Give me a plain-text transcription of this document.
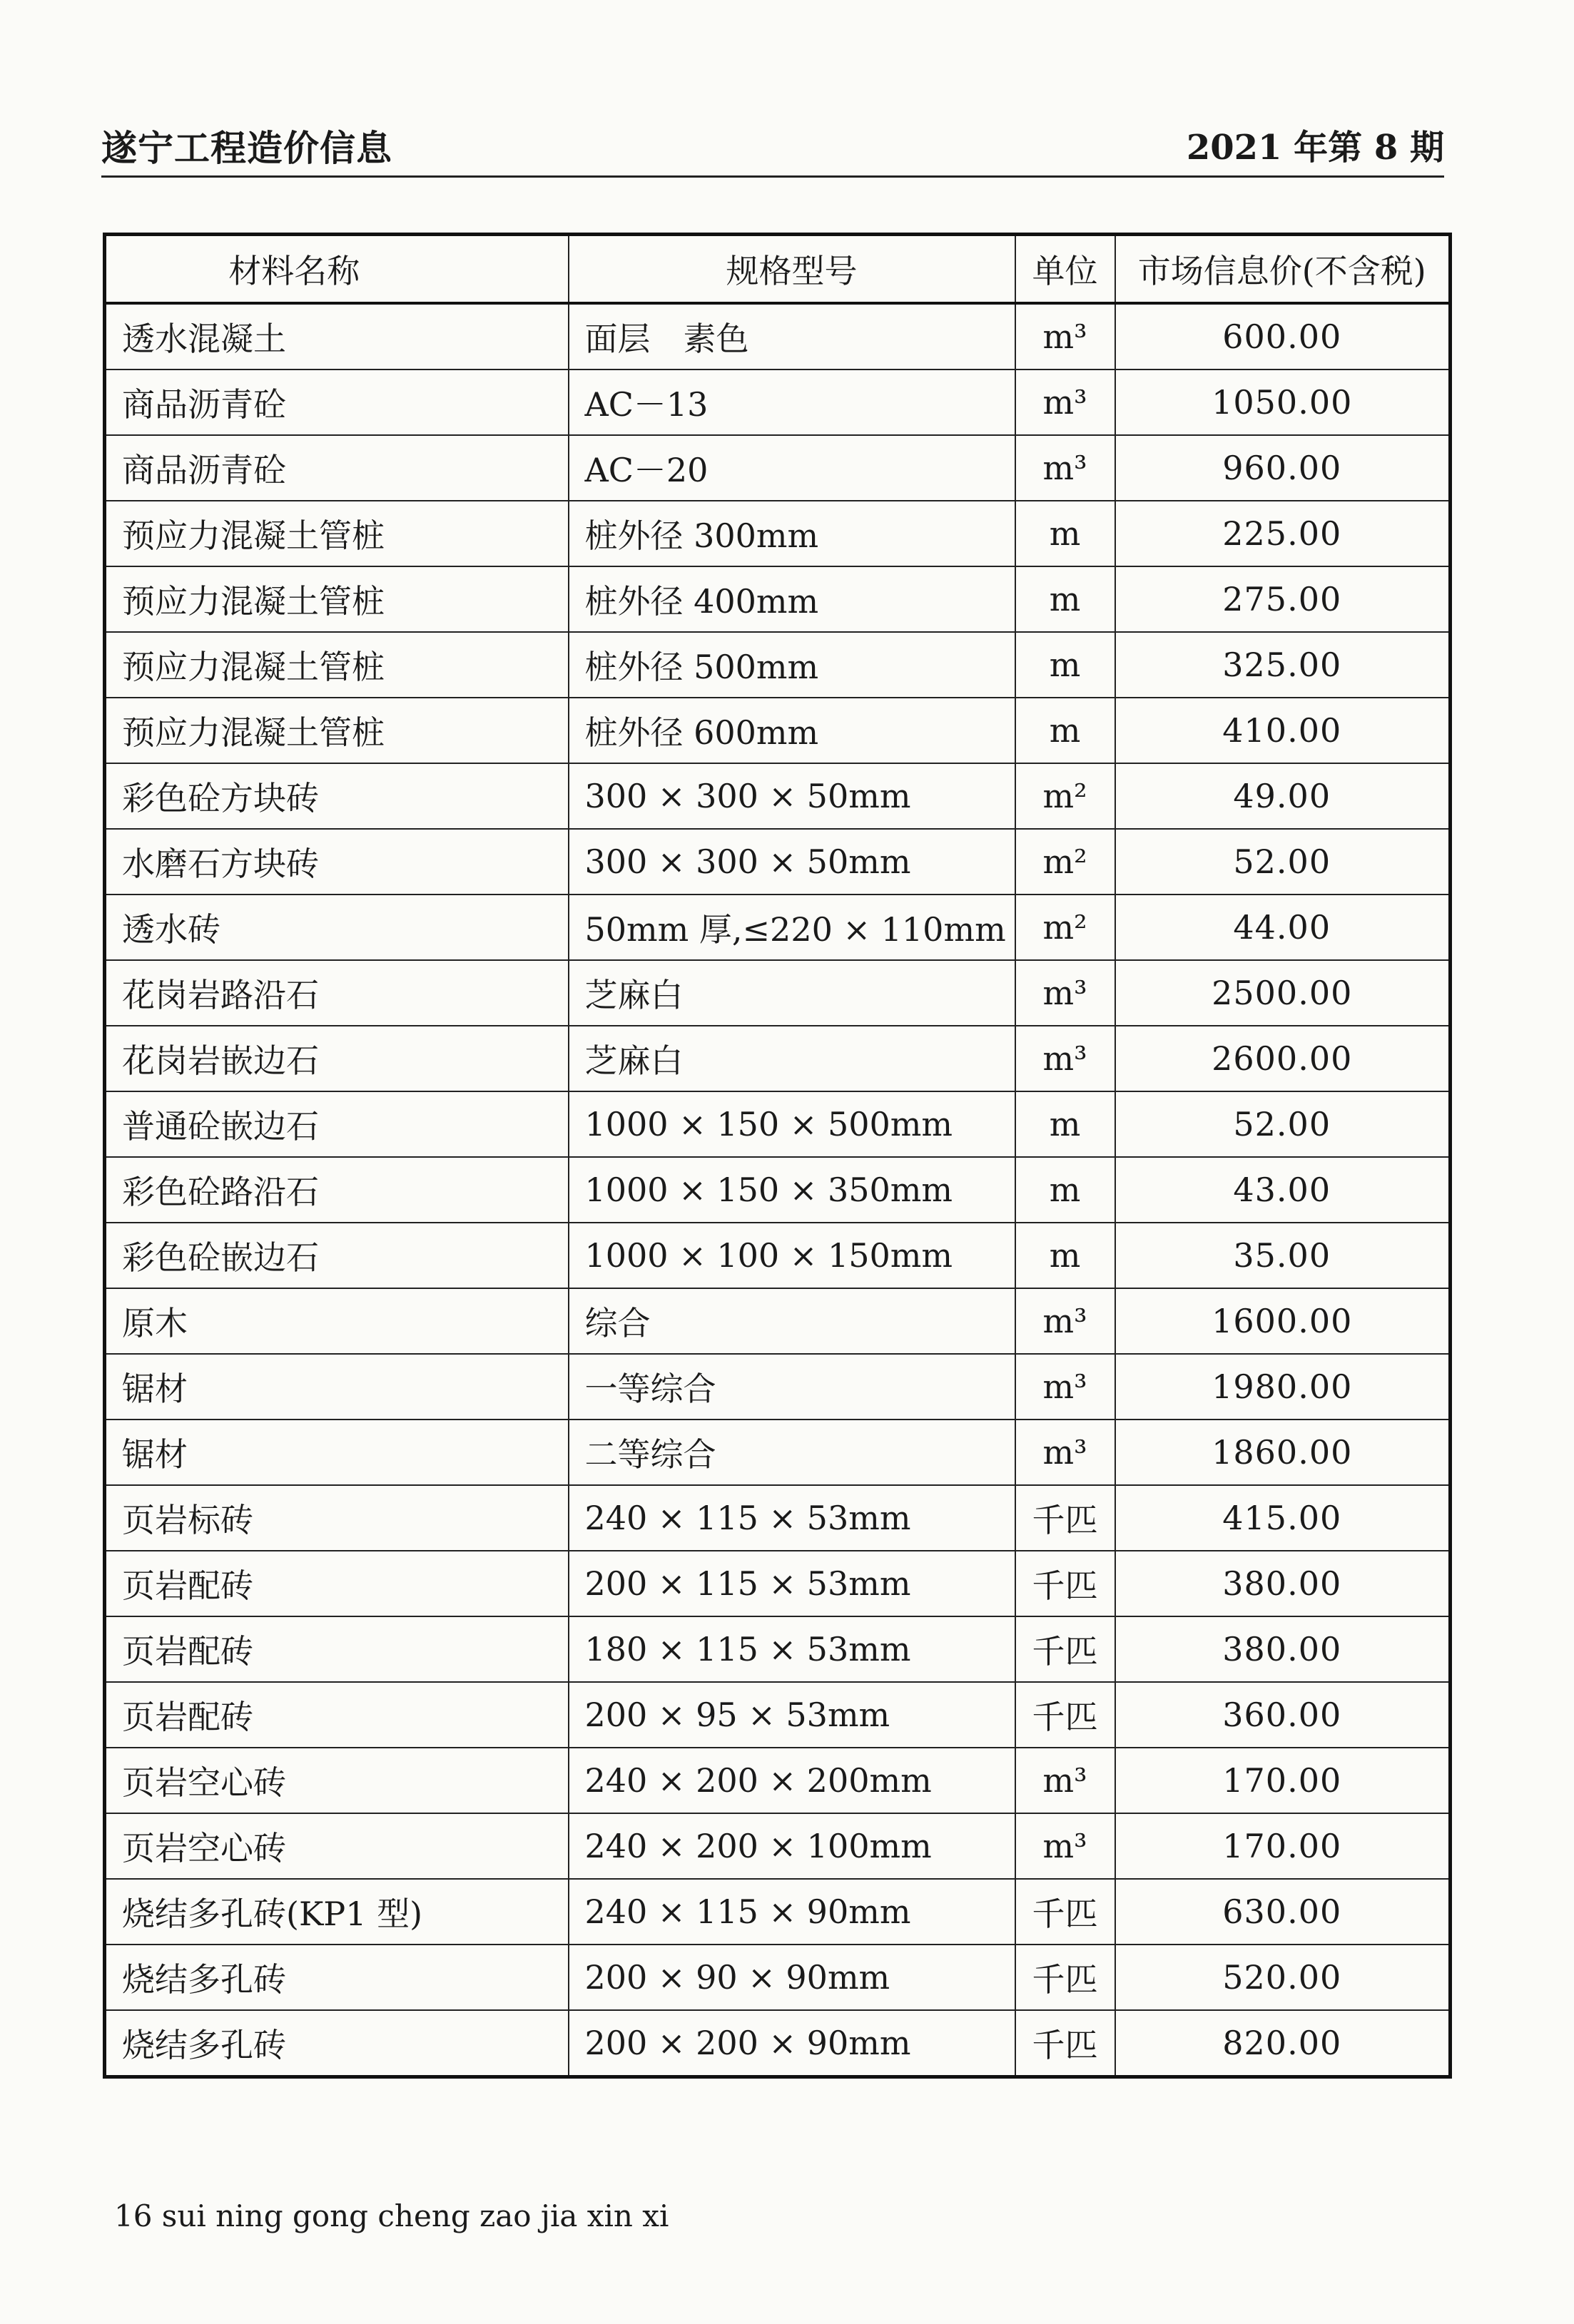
遂宁工程造价信息	2021 年第 8 期
材料名称	规格型号	单位	市场信息价(不含税)
透水混凝土	面层　素色	m³	600.00
商品沥青砼	AC－13	m³	1050.00
商品沥青砼	AC－20	m³	960.00
预应力混凝土管桩	桩外径 300mm	m	225.00
预应力混凝土管桩	桩外径 400mm	m	275.00
预应力混凝土管桩	桩外径 500mm	m	325.00
预应力混凝土管桩	桩外径 600mm	m	410.00
彩色砼方块砖	300 × 300 × 50mm	m²	49.00
水磨石方块砖	300 × 300 × 50mm	m²	52.00
透水砖	50mm 厚,≤220 × 110mm	m²	44.00
花岗岩路沿石	芝麻白	m³	2500.00
花岗岩嵌边石	芝麻白	m³	2600.00
普通砼嵌边石	1000 × 150 × 500mm	m	52.00
彩色砼路沿石	1000 × 150 × 350mm	m	43.00
彩色砼嵌边石	1000 × 100 × 150mm	m	35.00
原木	综合	m³	1600.00
锯材	一等综合	m³	1980.00
锯材	二等综合	m³	1860.00
页岩标砖	240 × 115 × 53mm	千匹	415.00
页岩配砖	200 × 115 × 53mm	千匹	380.00
页岩配砖	180 × 115 × 53mm	千匹	380.00
页岩配砖	200 × 95 × 53mm	千匹	360.00
页岩空心砖	240 × 200 × 200mm	m³	170.00
页岩空心砖	240 × 200 × 100mm	m³	170.00
烧结多孔砖(KP1 型)	240 × 115 × 90mm	千匹	630.00
烧结多孔砖	200 × 90 × 90mm	千匹	520.00
烧结多孔砖	200 × 200 × 90mm	千匹	820.00
16 sui ning gong cheng zao jia xin xi
